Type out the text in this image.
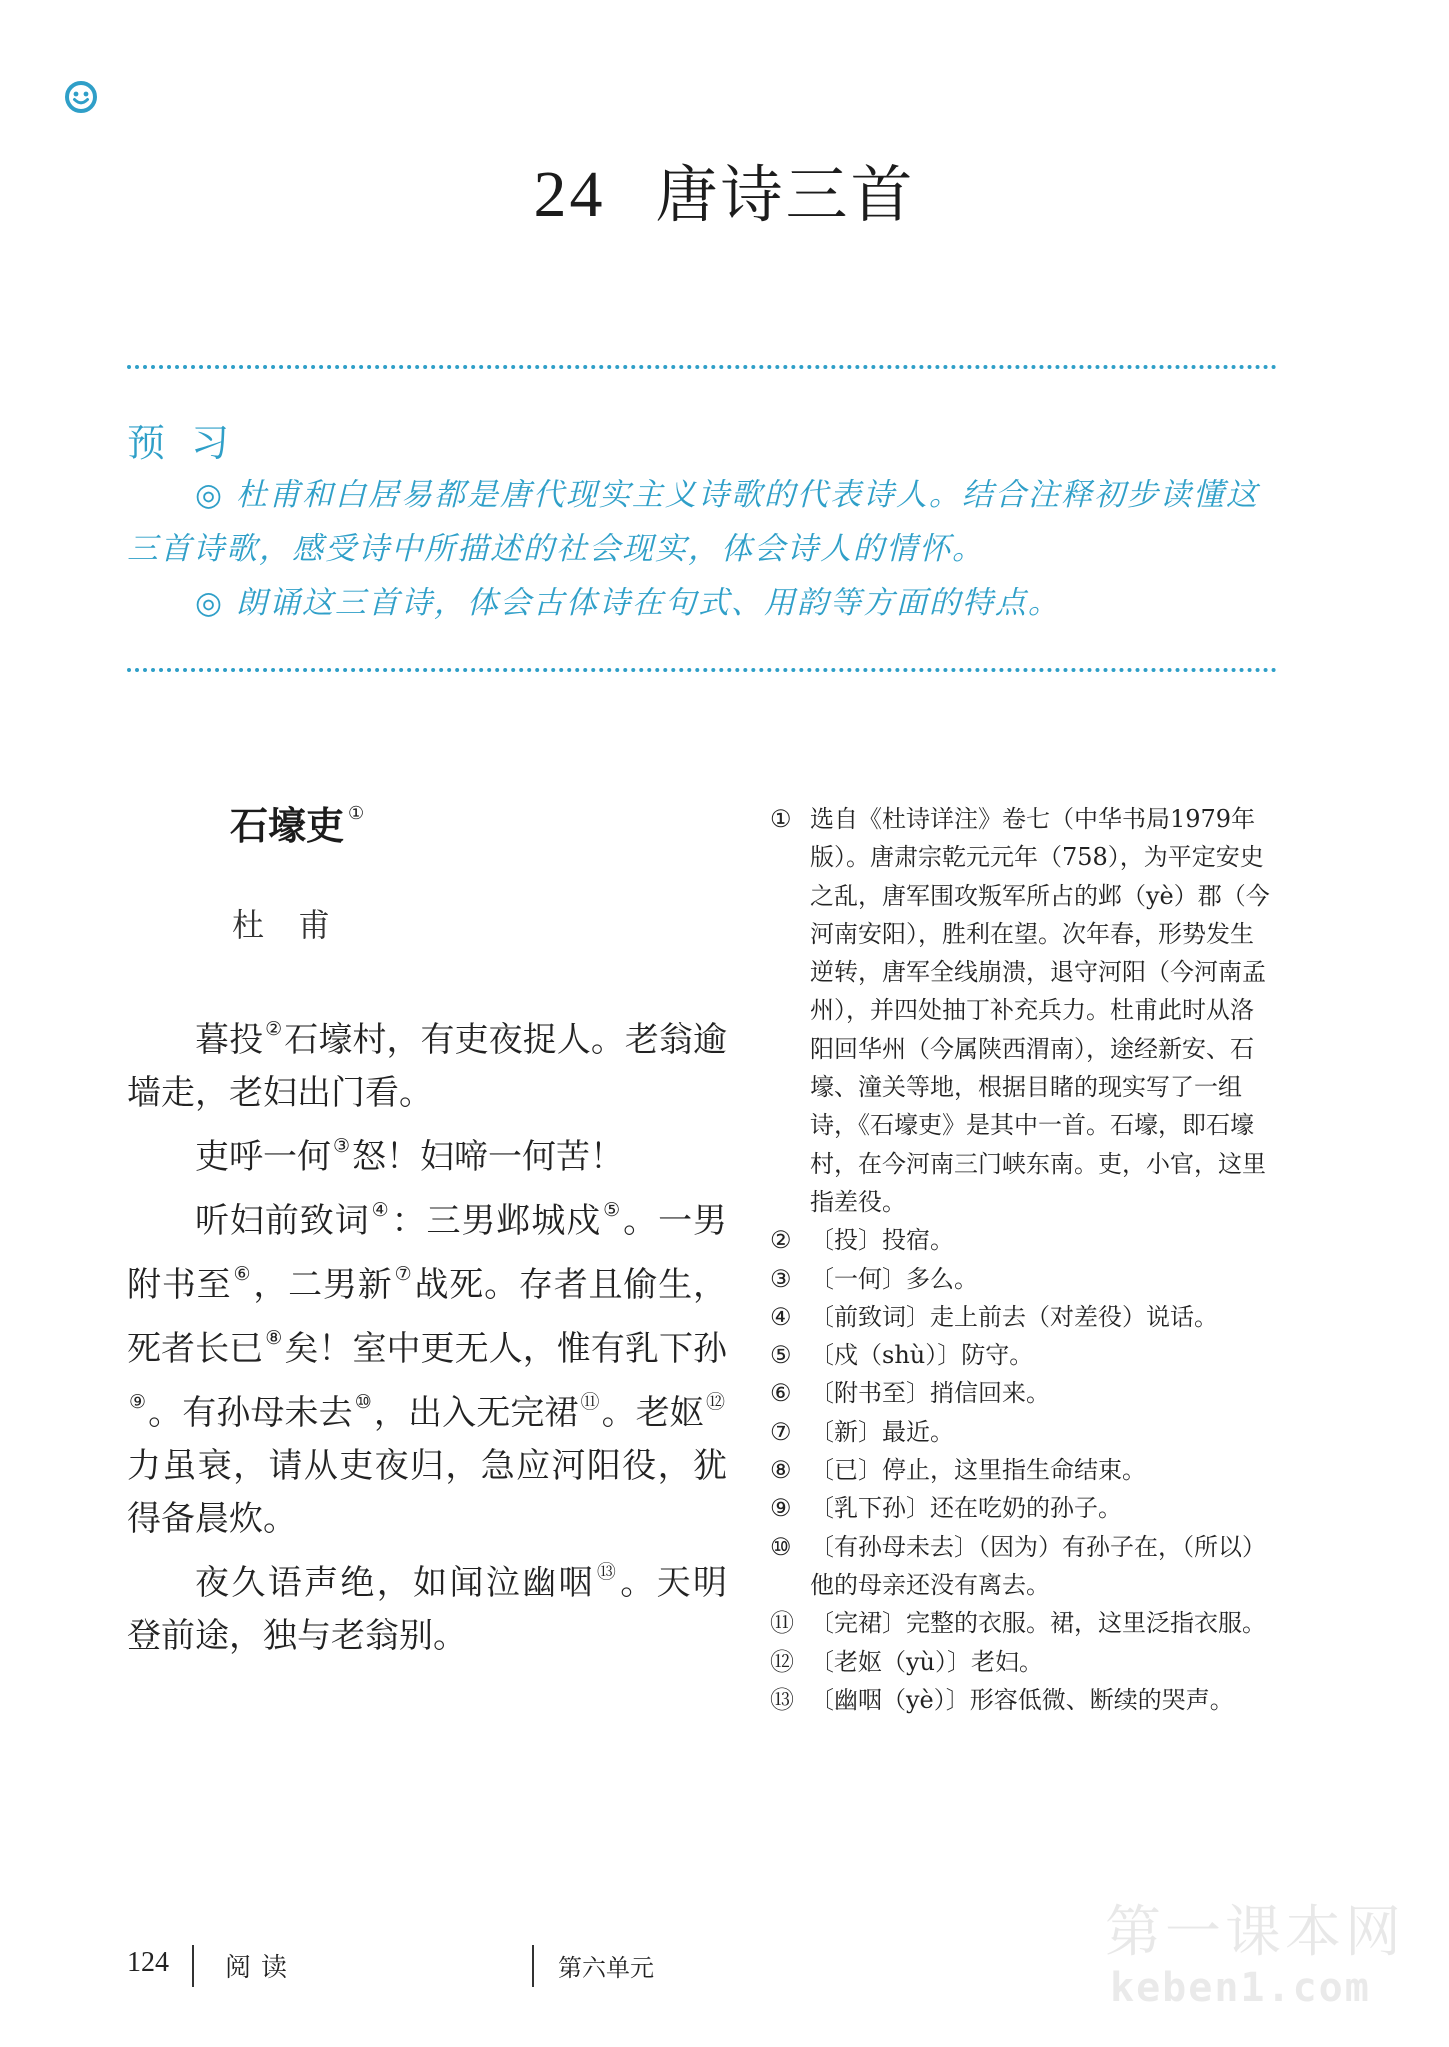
24 唐诗三首
预习
◎ 杜甫和白居易都是唐代现实主义诗歌的代表诗人。结合注释初步读懂这三首诗歌，感受诗中所描述的社会现实，体会诗人的情怀。
◎ 朗诵这三首诗，体会古体诗在句式、用韵等方面的特点。
石壕吏 ①
杜甫

暮投 ②石壕村，有吏夜捉人。老翁逾墙走，老妇出门看。

吏呼一何 ③怒！妇啼一何苦！

听妇前致词 ④：三男邺城戍 ⑤。一男附书至 ⑥，二男新 ⑦战死。存者且偷生，死者长已 ⑧矣！室中更无人，惟有乳下孙⑨。有孙母未去 ⑩，出入无完裙 ⑪。老妪 ⑫力虽衰，请从吏夜归，急应河阳役，犹得备晨炊。

夜久语声绝，如闻泣幽咽 ⑬。天明登前途，独与老翁别。

① 选自《杜诗详注》卷七（中华书局1979年版）。唐肃宗乾元元年（758），为平定安史之乱，唐军围攻叛军所占的邺（yè）郡（今河南安阳），胜利在望。次年春，形势发生逆转，唐军全线崩溃，退守河阳（今河南孟州），并四处抽丁补充兵力。杜甫此时从洛阳回华州（今属陕西渭南），途经新安、石壕、潼关等地，根据目睹的现实写了一组诗，《石壕吏》是其中一首。石壕，即石壕村，在今河南三门峡东南。吏，小官，这里指差役。
② 〔投〕投宿。
③ 〔一何〕多么。
④ 〔前致词〕走上前去（对差役）说话。
⑤ 〔戍（shù）〕防守。
⑥ 〔附书至〕捎信回来。
⑦ 〔新〕最近。
⑧ 〔已〕停止，这里指生命结束。
⑨ 〔乳下孙〕还在吃奶的孙子。
⑩ 〔有孙母未去〕（因为）有孙子在，（所以）他的母亲还没有离去。
⑪ 〔完裙〕完整的衣服。裙，这里泛指衣服。
⑫ 〔老妪（yù）〕老妇。
⑬ 〔幽咽（yè）〕形容低微、断续的哭声。
124 阅读	第六单元
第一课本网
keben1.com
